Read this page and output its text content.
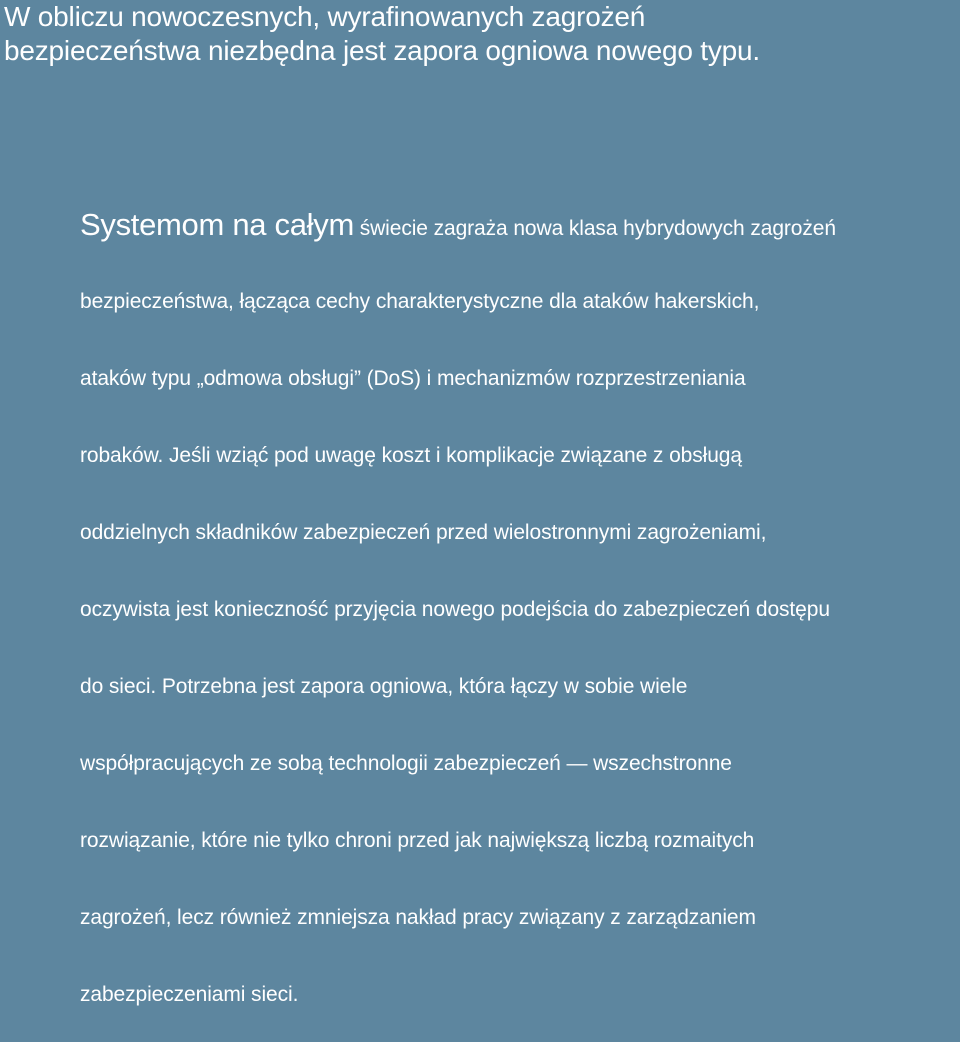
W obliczu nowoczesnych, wyrafinowanych zagrożeń
bezpieczeństwa niezbędna jest zapora ogniowa nowego typu.
Systemom na całym świecie zagraża nowa klasa hybrydowych zagrożeń
bezpieczeństwa, łącząca cechy charakterystyczne dla ataków hakerskich,
ataków typu „odmowa obsługi” (DoS) i mechanizmów rozprzestrzeniania
robaków. Jeśli wziąć pod uwagę koszt i komplikacje związane z obsługą
oddzielnych składników zabezpieczeń przed wielostronnymi zagrożeniami,
oczywista jest konieczność przyjęcia nowego podejścia do zabezpieczeń dostępu
do sieci. Potrzebna jest zapora ogniowa, która łączy w sobie wiele
współpracujących ze sobą technologii zabezpieczeń — wszechstronne
rozwiązanie, które nie tylko chroni przed jak największą liczbą rozmaitych
zagrożeń, lecz również zmniejsza nakład pracy związany z zarządzaniem
zabezpieczeniami sieci.
